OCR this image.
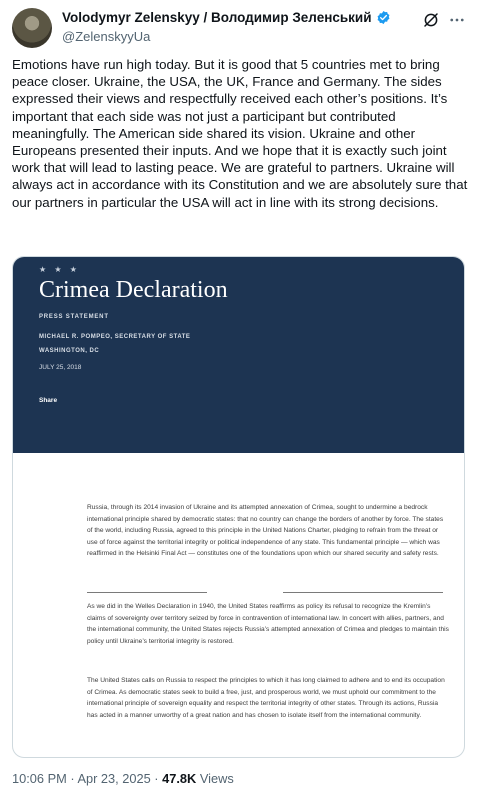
Volodymyr Zelenskyy / Володимир Зеленський
@ZelenskyyUa
Emotions have run high today. But it is good that 5 countries met to bring peace closer. Ukraine, the USA, the UK, France and Germany. The sides expressed their views and respectfully received each other’s positions. It’s important that each side was not just a participant but contributed meaningfully. The American side shared its vision. Ukraine and other Europeans presented their inputs. And we hope that it is exactly such joint work that will lead to lasting peace. We are grateful to partners. Ukraine will always act in accordance with its Constitution and we are absolutely sure that our partners in particular the USA will act in line with its strong decisions.
★ ★ ★
Crimea Declaration
PRESS STATEMENT
MICHAEL R. POMPEO, SECRETARY OF STATE
WASHINGTON, DC
JULY 25, 2018
Share
Russia, through its 2014 invasion of Ukraine and its attempted annexation of Crimea, sought to undermine a bedrock international principle shared by democratic states: that no country can change the borders of another by force. The states of the world, including Russia, agreed to this principle in the United Nations Charter, pledging to refrain from the threat or use of force against the territorial integrity or political independence of any state. This fundamental principle — which was reaffirmed in the Helsinki Final Act — constitutes one of the foundations upon which our shared security and safety rests.
As we did in the Welles Declaration in 1940, the United States reaffirms as policy its refusal to recognize the Kremlin’s claims of sovereignty over territory seized by force in contravention of international law. In concert with allies, partners, and the international community, the United States rejects Russia’s attempted annexation of Crimea and pledges to maintain this policy until Ukraine’s territorial integrity is restored.
The United States calls on Russia to respect the principles to which it has long claimed to adhere and to end its occupation of Crimea. As democratic states seek to build a free, just, and prosperous world, we must uphold our commitment to the international principle of sovereign equality and respect the territorial integrity of other states. Through its actions, Russia has acted in a manner unworthy of a great nation and has chosen to isolate itself from the international community.
10:06 PM · Apr 23, 2025 · 47.8K Views
